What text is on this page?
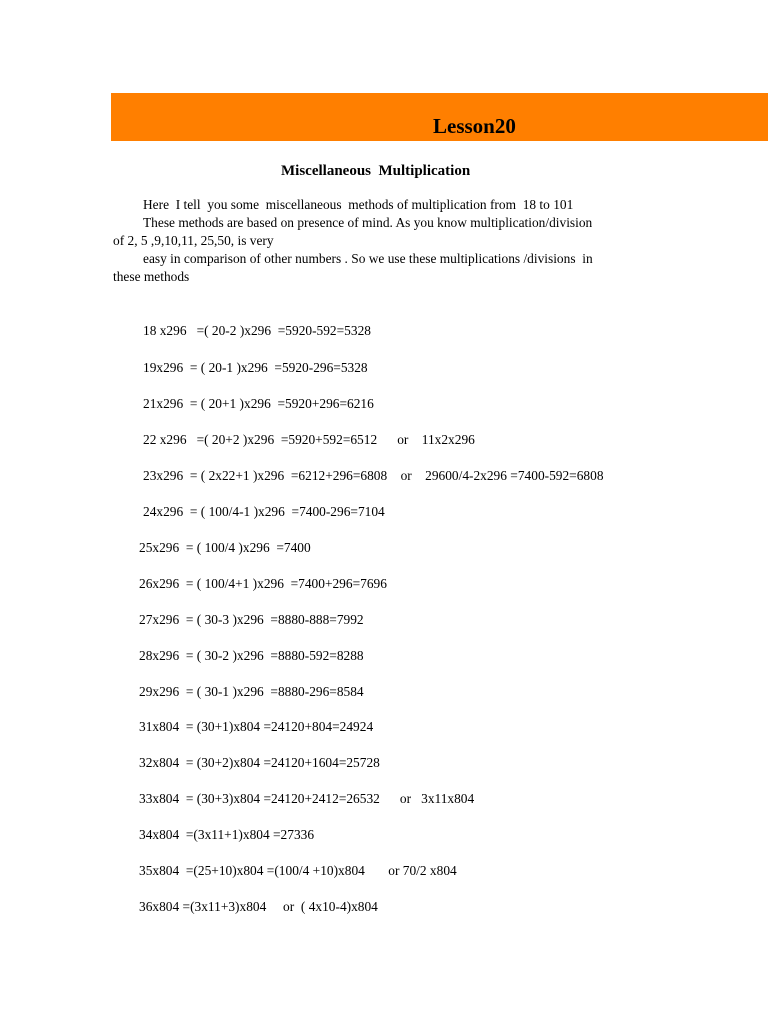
Lesson20
Miscellaneous  Multiplication
Here  I tell  you some  miscellaneous  methods of multiplication from  18 to 101
These methods are based on presence of mind. As you know multiplication/division
of 2, 5 ,9,10,11, 25,50, is very
easy in comparison of other numbers . So we use these multiplications /divisions  in
these methods
18 x296   =( 20-2 )x296  =5920-592=5328
19x296  = ( 20-1 )x296  =5920-296=5328
21x296  = ( 20+1 )x296  =5920+296=6216
22 x296   =( 20+2 )x296  =5920+592=6512      or    11x2x296
23x296  = ( 2x22+1 )x296  =6212+296=6808    or    29600/4-2x296 =7400-592=6808
24x296  = ( 100/4-1 )x296  =7400-296=7104
25x296  = ( 100/4 )x296  =7400
26x296  = ( 100/4+1 )x296  =7400+296=7696
27x296  = ( 30-3 )x296  =8880-888=7992
28x296  = ( 30-2 )x296  =8880-592=8288
29x296  = ( 30-1 )x296  =8880-296=8584
31x804  = (30+1)x804 =24120+804=24924
32x804  = (30+2)x804 =24120+1604=25728
33x804  = (30+3)x804 =24120+2412=26532      or   3x11x804
34x804  =(3x11+1)x804 =27336
35x804  =(25+10)x804 =(100/4 +10)x804       or 70/2 x804
36x804 =(3x11+3)x804     or  ( 4x10-4)x804
